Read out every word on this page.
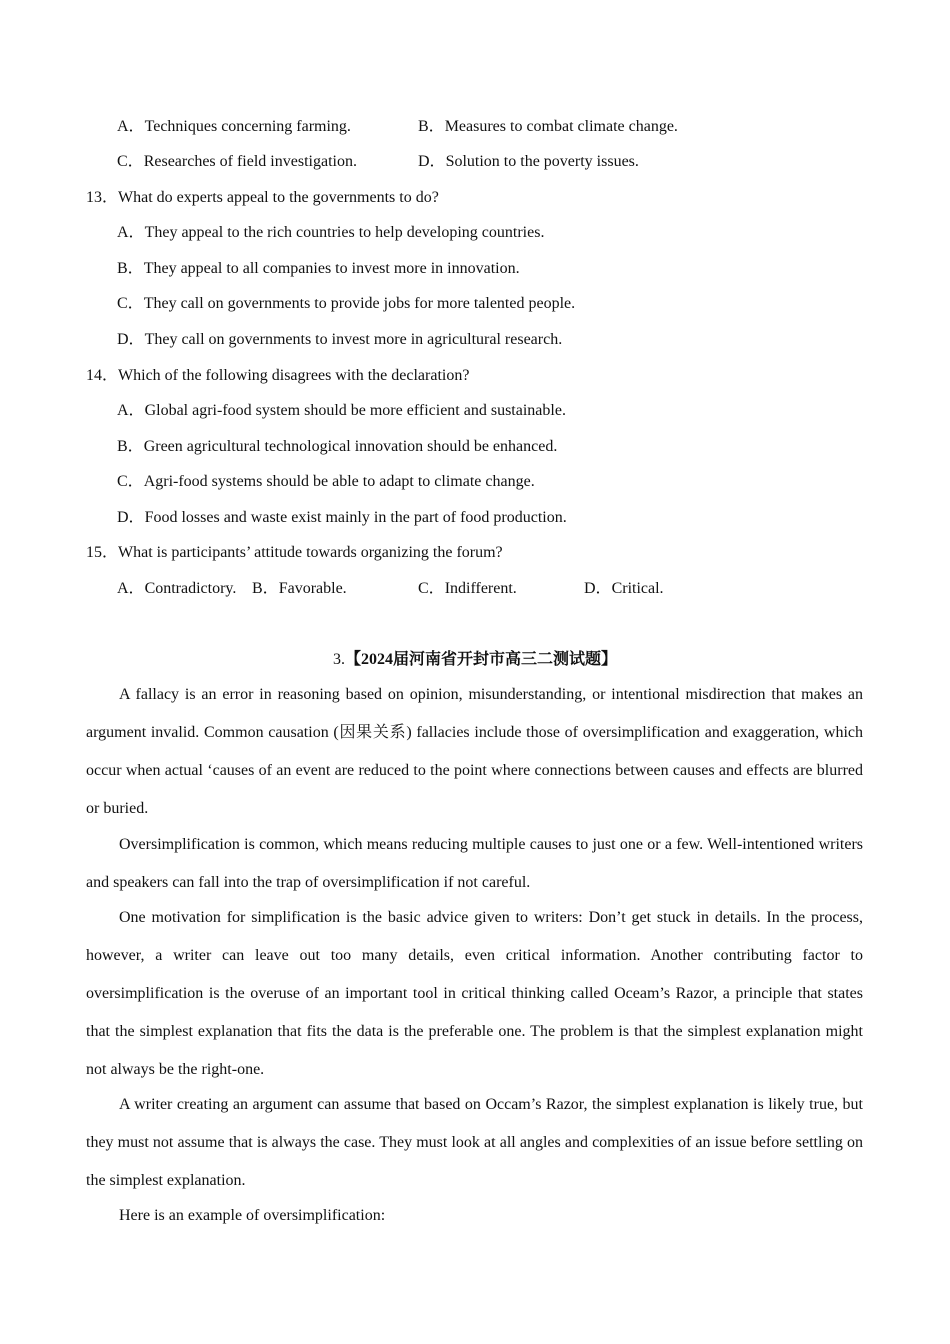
A．Techniques concerning farming.	B．Measures to combat climate change.
C．Researches of field investigation.	D．Solution to the poverty issues.
13．What do experts appeal to the governments to do?
A．They appeal to the rich countries to help developing countries.
B．They appeal to all companies to invest more in innovation.
C．They call on governments to provide jobs for more talented people.
D．They call on governments to invest more in agricultural research.
14．Which of the following disagrees with the declaration?
A．Global agri-food system should be more efficient and sustainable.
B．Green agricultural technological innovation should be enhanced.
C．Agri-food systems should be able to adapt to climate change.
D．Food losses and waste exist mainly in the part of food production.
15．What is participants’ attitude towards organizing the forum?
A．Contradictory. B．Favorable.	C．Indifferent.	D．Critical.
3.【2024届河南省开封市高三二测试题】
A fallacy is an error in reasoning based on opinion, misunderstanding, or intentional misdirection that makes an argument invalid. Common causation (因果关系) fallacies include those of oversimplification and exaggeration, which occur when actual ‘causes of an event are reduced to the point where connections between causes and effects are blurred or buried.
Oversimplification is common, which means reducing multiple causes to just one or a few. Well-intentioned writers and speakers can fall into the trap of oversimplification if not careful.
One motivation for simplification is the basic advice given to writers: Don’t get stuck in details. In the process, however, a writer can leave out too many details, even critical information. Another contributing factor to oversimplification is the overuse of an important tool in critical thinking called Oceam’s Razor, a principle that states that the simplest explanation that fits the data is the preferable one. The problem is that the simplest explanation might not always be the right-one.
A writer creating an argument can assume that based on Occam’s Razor, the simplest explanation is likely true, but they must not assume that is always the case. They must look at all angles and complexities of an issue before settling on the simplest explanation.
Here is an example of oversimplification:
